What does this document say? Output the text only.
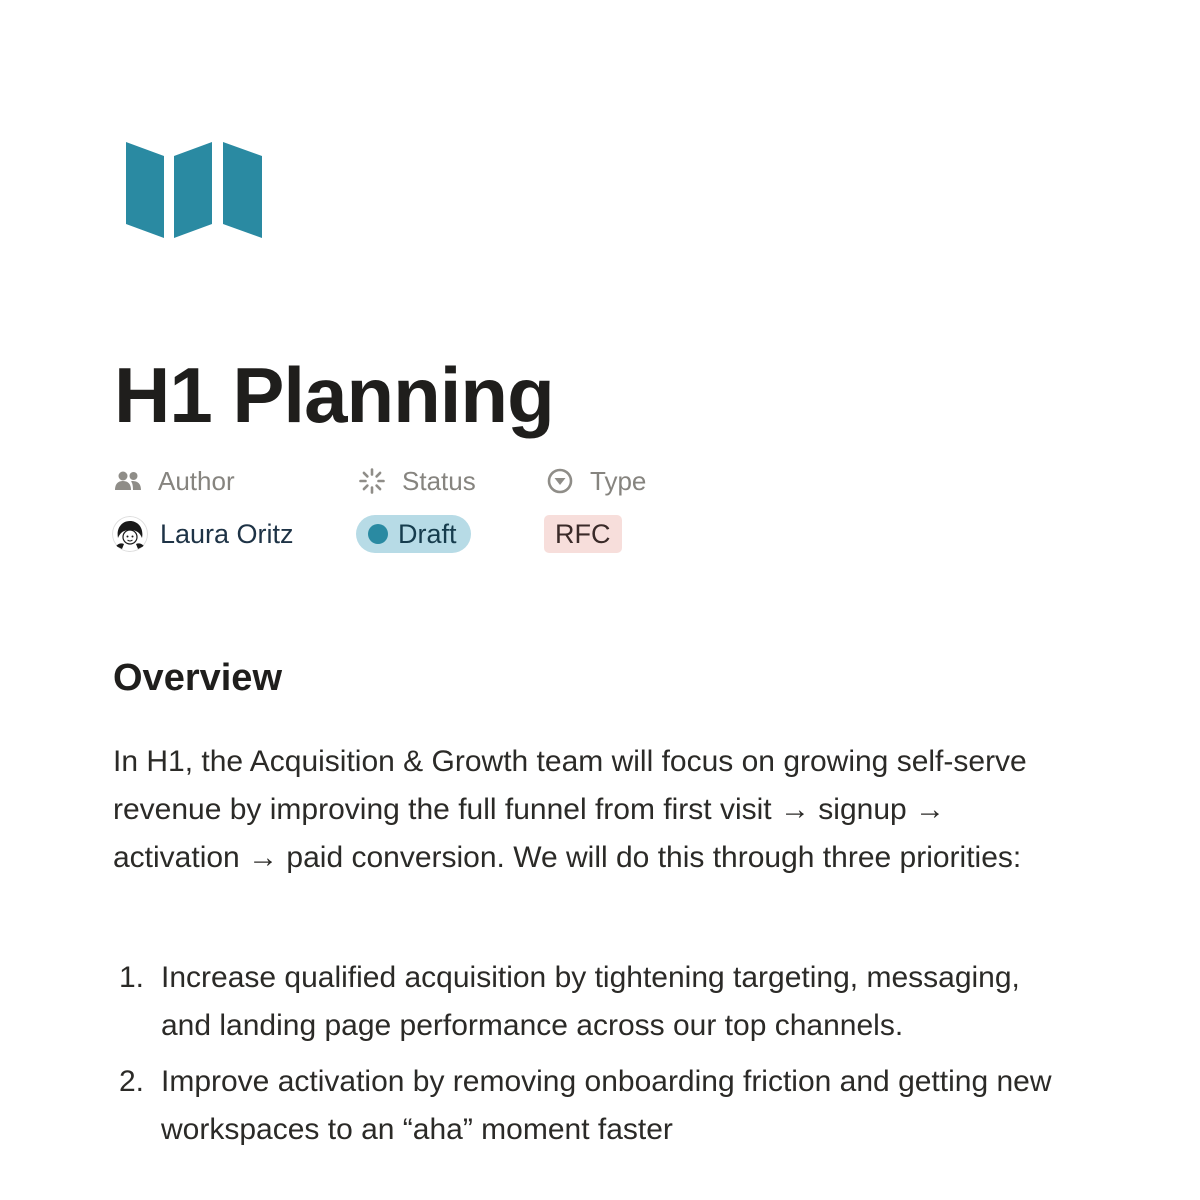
H1 Planning
Author	Status	Type
Laura Oritz	Draft	RFC
Overview

In H1, the Acquisition & Growth team will focus on growing self-serve revenue by improving the full funnel from first visit → signup → activation → paid conversion. We will do this through three priorities:

1. Increase qualified acquisition by tightening targeting, messaging, and landing page performance across our top channels.
2. Improve activation by removing onboarding friction and getting new workspaces to an “aha” moment faster
